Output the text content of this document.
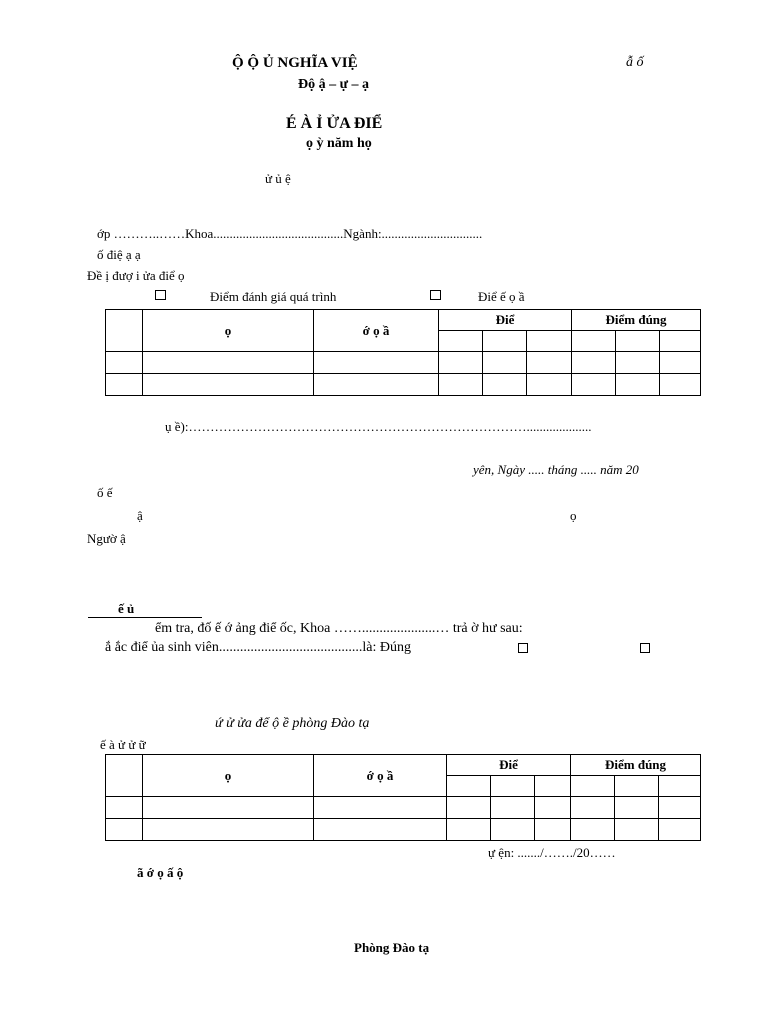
Ộ Ộ Ủ NGHĨA VIỆ	ẫ ố
Độ ậ – ự – ạ
É À Ỉ ỬA ĐIỂ
ọ ỳ năm họ
ử ủ ệ
ớp ………..……Khoa........................................Ngành:...............................
ố điệ ạ ạ
Đề ị đượ i ửa điể ọ
Điểm đánh giá quá trình	Điể ế ọ ầ
	ọ	ớ ọ ầ	Điể			Điểm đúng		

ụ ề):……………………………………………………………………....................
yên, Ngày ..... tháng ..... năm 20
ố ế
ậ	ọ
Ngườ ậ
ế ủ
ểm tra, đố ế ớ ảng điể ốc, Khoa …….....................… trả ờ hư sau:
ắ ắc điể ủa sinh viên.........................................là: Đúng
ứ ử ửa để ộ ề phòng Đào tạ
ế à ử ử ữ
	ọ	ớ ọ ầ	Điể			Điểm đúng		

ự ện: ......./……./20……
ã ớ ọ ấ ộ
Phòng Đào tạ
